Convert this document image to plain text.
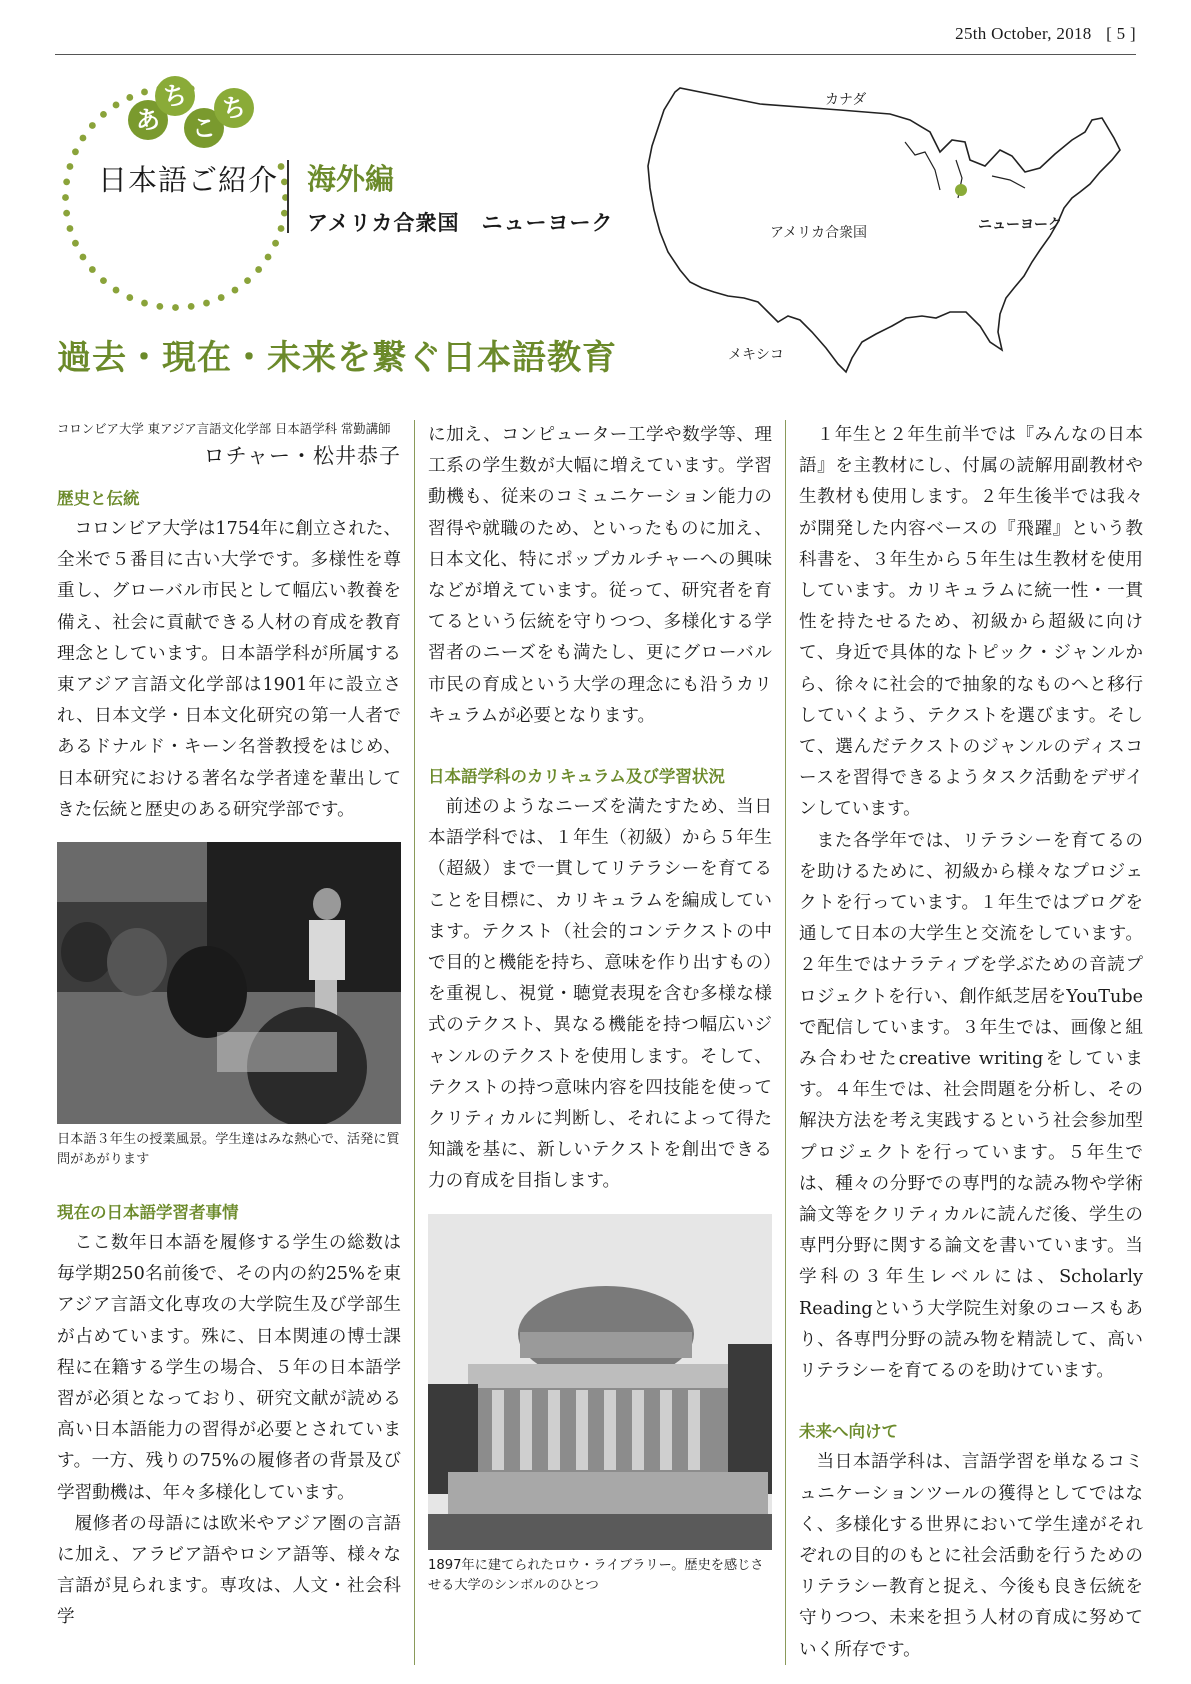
25th October, 2018 [ 5 ]
あ
ち
こ
ち
日本語ご紹介 海外編
アメリカ合衆国　ニューヨーク
カナダ
アメリカ合衆国	ニューヨーク
メキシコ
過去・現在・未来を繋ぐ日本語教育
コロンビア大学 東アジア言語文化学部 日本語学科 常勤講師
ロチャー・松井恭子
歴史と伝統

コロンビア大学は1754年に創立された、全米で５番目に古い大学です。多様性を尊重し、グローバル市民として幅広い教養を備え、社会に貢献できる人材の育成を教育理念としています。日本語学科が所属する東アジア言語文化学部は1901年に設立され、日本文学・日本文化研究の第一人者であるドナルド・キーン名誉教授をはじめ、日本研究における著名な学者達を輩出してきた伝統と歴史のある研究学部です。

日本語３年生の授業風景。学生達はみな熱心で、活発に質問があがります
現在の日本語学習者事情

ここ数年日本語を履修する学生の総数は毎学期250名前後で、その内の約25%を東アジア言語文化専攻の大学院生及び学部生が占めています。殊に、日本関連の博士課程に在籍する学生の場合、５年の日本語学習が必須となっており、研究文献が読める高い日本語能力の習得が必要とされています。一方、残りの75%の履修者の背景及び学習動機は、年々多様化しています。

履修者の母語には欧米やアジア圏の言語に加え、アラビア語やロシア語等、様々な言語が見られます。専攻は、人文・社会科学

に加え、コンピューター工学や数学等、理工系の学生数が大幅に増えています。学習動機も、従来のコミュニケーション能力の習得や就職のため、といったものに加え、日本文化、特にポップカルチャーへの興味などが増えています。従って、研究者を育てるという伝統を守りつつ、多様化する学習者のニーズをも満たし、更にグローバル市民の育成という大学の理念にも沿うカリキュラムが必要となります。

日本語学科のカリキュラム及び学習状況

前述のようなニーズを満たすため、当日本語学科では、１年生（初級）から５年生（超級）まで一貫してリテラシーを育てることを目標に、カリキュラムを編成しています。テクスト（社会的コンテクストの中で目的と機能を持ち、意味を作り出すもの）を重視し、視覚・聴覚表現を含む多様な様式のテクスト、異なる機能を持つ幅広いジャンルのテクストを使用します。そして、テクストの持つ意味内容を四技能を使ってクリティカルに判断し、それによって得た知識を基に、新しいテクストを創出できる力の育成を目指します。

1897年に建てられたロウ・ライブラリー。歴史を感じさせる大学のシンボルのひとつ

１年生と２年生前半では『みんなの日本語』を主教材にし、付属の読解用副教材や生教材も使用します。２年生後半では我々が開発した内容ベースの『飛躍』という教科書を、３年生から５年生は生教材を使用しています。カリキュラムに統一性・一貫性を持たせるため、初級から超級に向けて、身近で具体的なトピック・ジャンルから、徐々に社会的で抽象的なものへと移行していくよう、テクストを選びます。そして、選んだテクストのジャンルのディスコースを習得できるようタスク活動をデザインしています。

また各学年では、リテラシーを育てるのを助けるために、初級から様々なプロジェクトを行っています。１年生ではブログを通して日本の大学生と交流をしています。２年生ではナラティブを学ぶための音読プロジェクトを行い、創作紙芝居をYouTubeで配信しています。３年生では、画像と組み合わせたcreative writingをしています。４年生では、社会問題を分析し、その解決方法を考え実践するという社会参加型プロジェクトを行っています。５年生では、種々の分野での専門的な読み物や学術論文等をクリティカルに読んだ後、学生の専門分野に関する論文を書いています。当学科の３年生レベルには、Scholarly Readingという大学院生対象のコースもあり、各専門分野の読み物を精読して、高いリテラシーを育てるのを助けています。

未来へ向けて

当日本語学科は、言語学習を単なるコミュニケーションツールの獲得としてではなく、多様化する世界において学生達がそれぞれの目的のもとに社会活動を行うためのリテラシー教育と捉え、今後も良き伝統を守りつつ、未来を担う人材の育成に努めていく所存です。
